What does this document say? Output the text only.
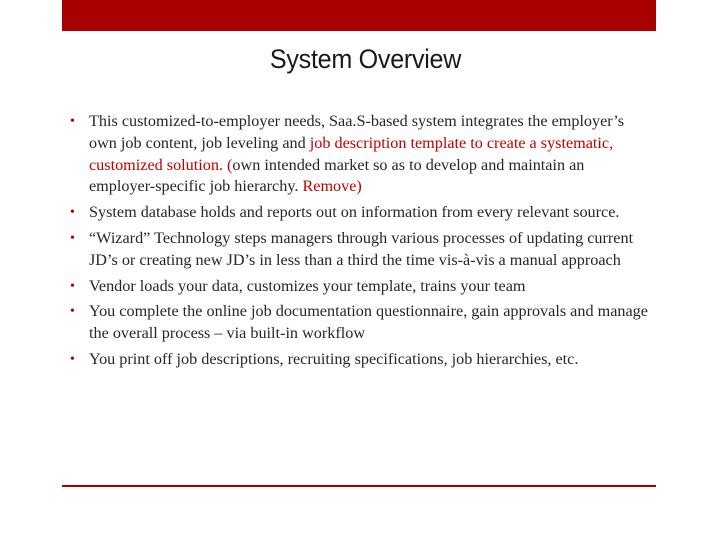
System Overview
• This customized-to-employer needs, Saa.S-based system integrates the employer’s own job content, job leveling and job description template to create a systematic, customized solution. (own intended market so as to develop and maintain an employer-specific job hierarchy. Remove)
• System database holds and reports out on information from every relevant source.
• “Wizard” Technology steps managers through various processes of updating current JD’s or creating new JD’s in less than a third the time vis-à-vis a manual approach
• Vendor loads your data, customizes your template, trains your team
• You complete the online job documentation questionnaire, gain approvals and manage the overall process – via built-in workflow
• You print off job descriptions, recruiting specifications, job hierarchies, etc.
